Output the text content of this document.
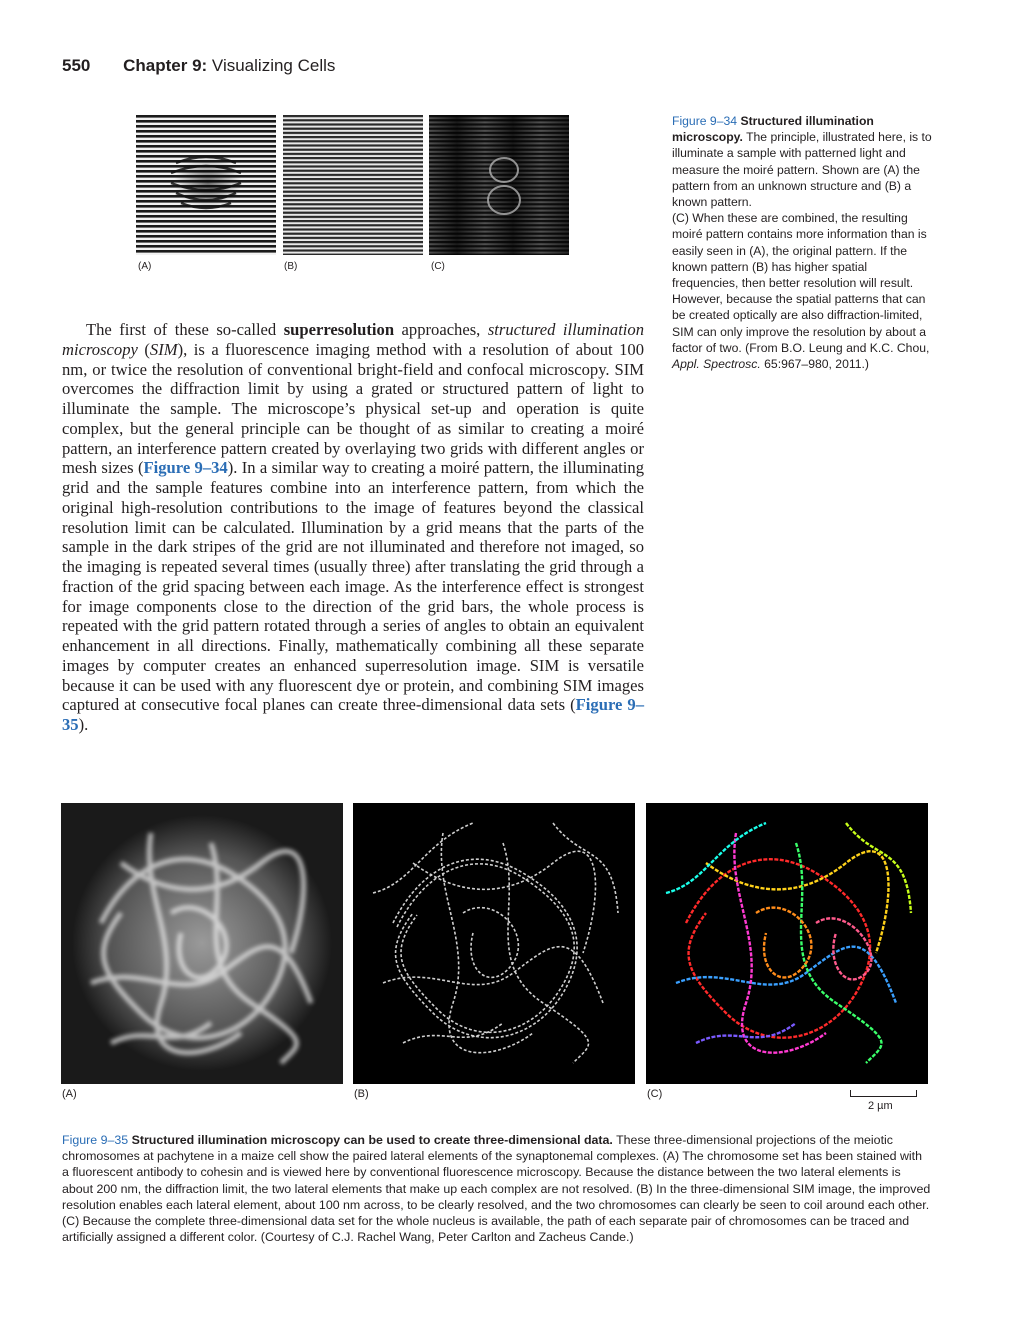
550 Chapter 9: Visualizing Cells
(A)	(B)	(C)
Figure 9–34 Structured illumination microscopy. The principle, illustrated here, is to illuminate a sample with patterned light and measure the moiré pattern. Shown are (A) the pattern from an unknown structure and (B) a known pattern.
(C) When these are combined, the resulting moiré pattern contains more information than is easily seen in (A), the original pattern. If the known pattern (B) has higher spatial frequencies, then better resolution will result. However, because the spatial patterns that can be created optically are also diffraction-limited, SIM can only improve the resolution by about a factor of two. (From B.O. Leung and K.C. Chou, Appl. Spectrosc. 65:967–980, 2011.)

The first of these so-called superresolution approaches, structured illumination microscopy (SIM), is a fluorescence imaging method with a resolution of about 100 nm, or twice the resolution of conventional bright-field and confocal microscopy. SIM overcomes the diffraction limit by using a grated or structured pattern of light to illuminate the sample. The microscope’s physical set-up and operation is quite complex, but the general principle can be thought of as similar to creating a moiré pattern, an interference pattern created by overlaying two grids with different angles or mesh sizes (Figure 9–34). In a similar way to creating a moiré pattern, the illuminating grid and the sample features combine into an interference pattern, from which the original high-resolution contributions to the image of features beyond the classical resolution limit can be calculated. Illumination by a grid means that the parts of the sample in the dark stripes of the grid are not illuminated and therefore not imaged, so the imaging is repeated several times (usually three) after translating the grid through a fraction of the grid spacing between each image. As the interference effect is strongest for image components close to the direction of the grid bars, the whole process is repeated with the grid pattern rotated through a series of angles to obtain an equivalent enhancement in all directions. Finally, mathematically combining all these separate images by computer creates an enhanced superresolution image. SIM is versatile because it can be used with any fluorescent dye or protein, and combining SIM images captured at consecutive focal planes can create three-dimensional data sets (Figure 9–35).

(A)	(B)	(C)
2 µm
Figure 9–35 Structured illumination microscopy can be used to create three-dimensional data. These three-dimensional projections of the meiotic chromosomes at pachytene in a maize cell show the paired lateral elements of the synaptonemal complexes. (A) The chromosome set has been stained with a fluorescent antibody to cohesin and is viewed here by conventional fluorescence microscopy. Because the distance between the two lateral elements is about 200 nm, the diffraction limit, the two lateral elements that make up each complex are not resolved. (B) In the three-dimensional SIM image, the improved resolution enables each lateral element, about 100 nm across, to be clearly resolved, and the two chromosomes can clearly be seen to coil around each other. (C) Because the complete three-dimensional data set for the whole nucleus is available, the path of each separate pair of chromosomes can be traced and artificially assigned a different color. (Courtesy of C.J. Rachel Wang, Peter Carlton and Zacheus Cande.)
